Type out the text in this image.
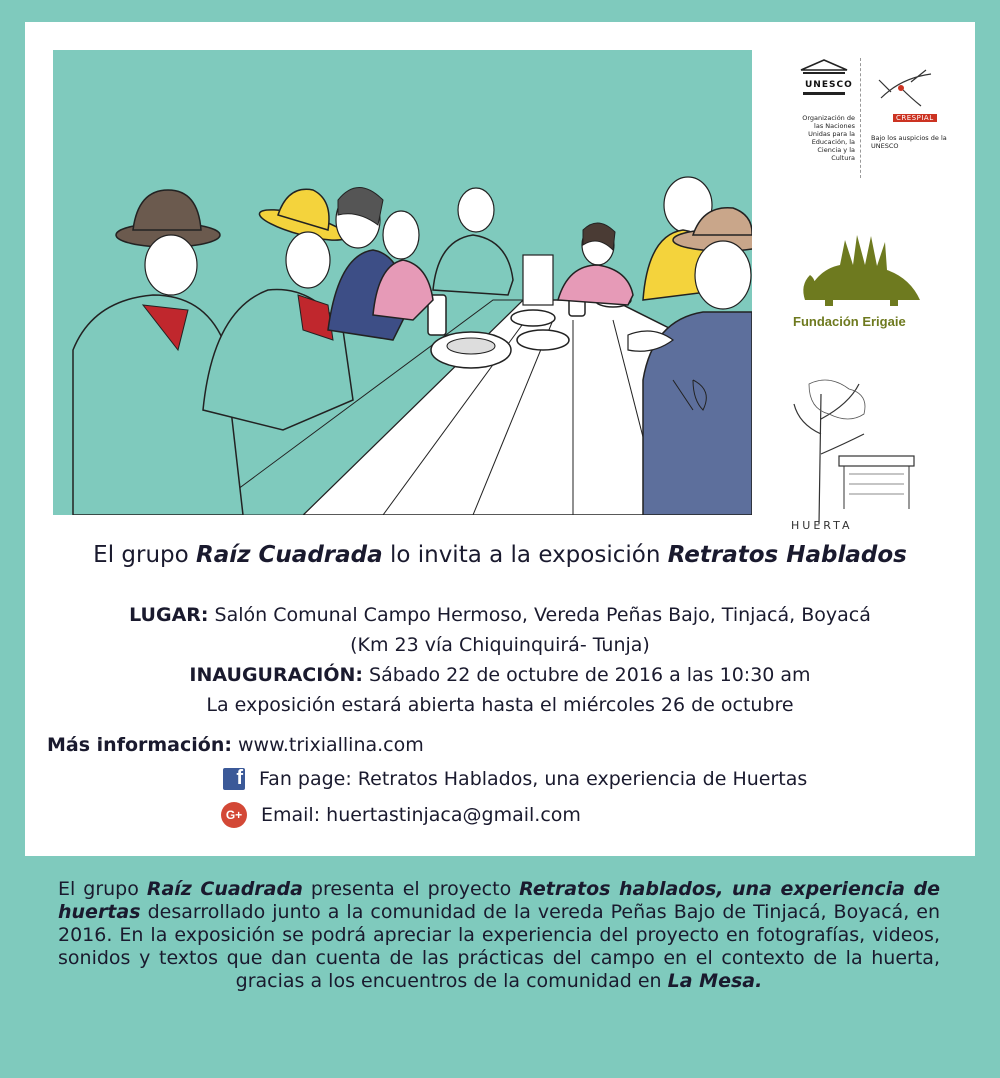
UNESCO
Organización de las Naciones Unidas para la Educación, la Ciencia y la Cultura
CRESPIAL
Bajo los auspicios de la UNESCO
Fundación Erigaie
HUERTA
El grupo Raíz Cuadrada lo invita a la exposición Retratos Hablados
LUGAR: Salón Comunal Campo Hermoso, Vereda Peñas Bajo, Tinjacá, Boyacá
(Km 23 vía Chiquinquirá- Tunja)
INAUGURACIÓN: Sábado 22 de octubre de 2016 a las 10:30 am
La exposición estará abierta hasta el miércoles 26 de octubre
Más información: www.trixiallina.com
f Fan page: Retratos Hablados, una experiencia de Huertas
G+ Email: huertastinjaca@gmail.com
El grupo Raíz Cuadrada presenta el proyecto Retratos hablados, una experiencia de huertas desarrollado junto a la comunidad de la vereda Peñas Bajo de Tinjacá, Boyacá, en 2016. En la exposición se podrá apreciar la experiencia del proyecto en fotografías, videos, sonidos y textos que dan cuenta de las prácticas del campo en el contexto de la huerta, gracias a los encuentros de la comunidad en La Mesa.
